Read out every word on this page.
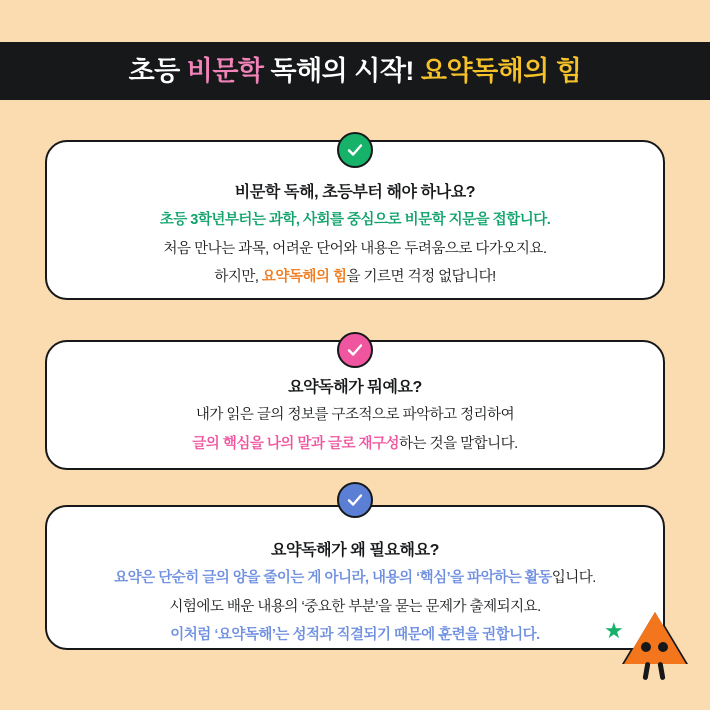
초등 비문학 독해의 시작! 요약독해의 힘
비문학 독해, 초등부터 해야 하나요?
초등 3학년부터는 과학, 사회를 중심으로 비문학 지문을 접합니다.
처음 만나는 과목, 어려운 단어와 내용은 두려움으로 다가오지요.
하지만, 요약독해의 힘을 기르면 걱정 없답니다!
요약독해가 뭐예요?
내가 읽은 글의 정보를 구조적으로 파악하고 정리하여
글의 핵심을 나의 말과 글로 재구성하는 것을 말합니다.
요약독해가 왜 필요해요?
요약은 단순히 글의 양을 줄이는 게 아니라, 내용의 ‘핵심’을 파악하는 활동입니다.
시험에도 배운 내용의 ‘중요한 부분’을 묻는 문제가 출제되지요.
이처럼 ‘요약독해’는 성적과 직결되기 때문에 훈련을 권합니다.	★
